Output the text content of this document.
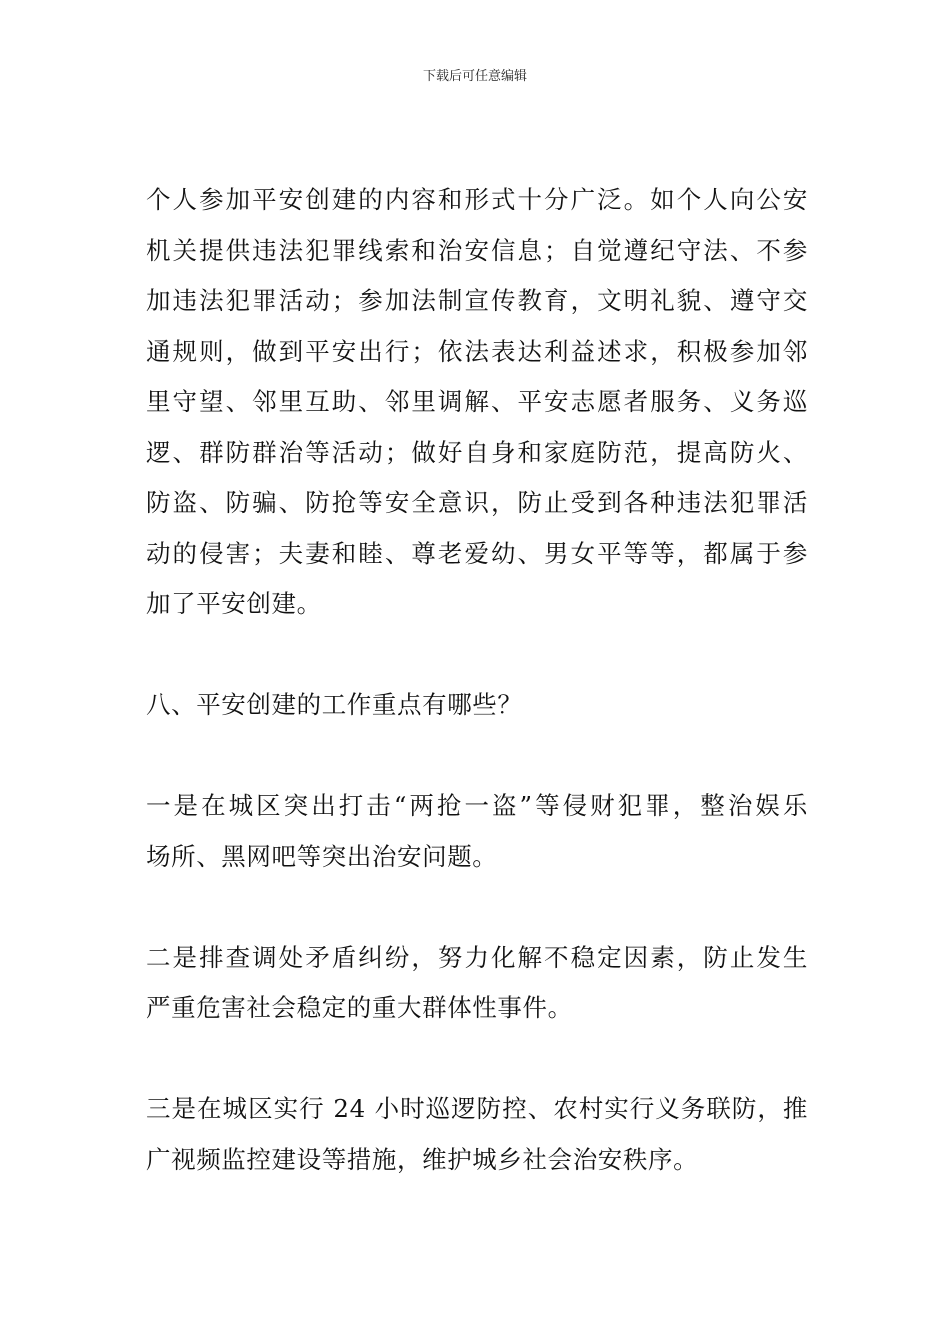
下载后可任意编辑

个人参加平安创建的内容和形式十分广泛。如个人向公安
机关提供违法犯罪线索和治安信息；自觉遵纪守法、不参
加违法犯罪活动；参加法制宣传教育，文明礼貌、遵守交
通规则，做到平安出行；依法表达利益述求，积极参加邻
里守望、邻里互助、邻里调解、平安志愿者服务、义务巡
逻、群防群治等活动；做好自身和家庭防范，提高防火、
防盗、防骗、防抢等安全意识，防止受到各种违法犯罪活
动的侵害；夫妻和睦、尊老爱幼、男女平等等，都属于参
加了平安创建。

八、平安创建的工作重点有哪些？

一是在城区突出打击“两抢一盗”等侵财犯罪，整治娱乐
场所、黑网吧等突出治安问题。

二是排查调处矛盾纠纷，努力化解不稳定因素，防止发生
严重危害社会稳定的重大群体性事件。

三是在城区实行 24 小时巡逻防控、农村实行义务联防，推
广视频监控建设等措施，维护城乡社会治安秩序。
